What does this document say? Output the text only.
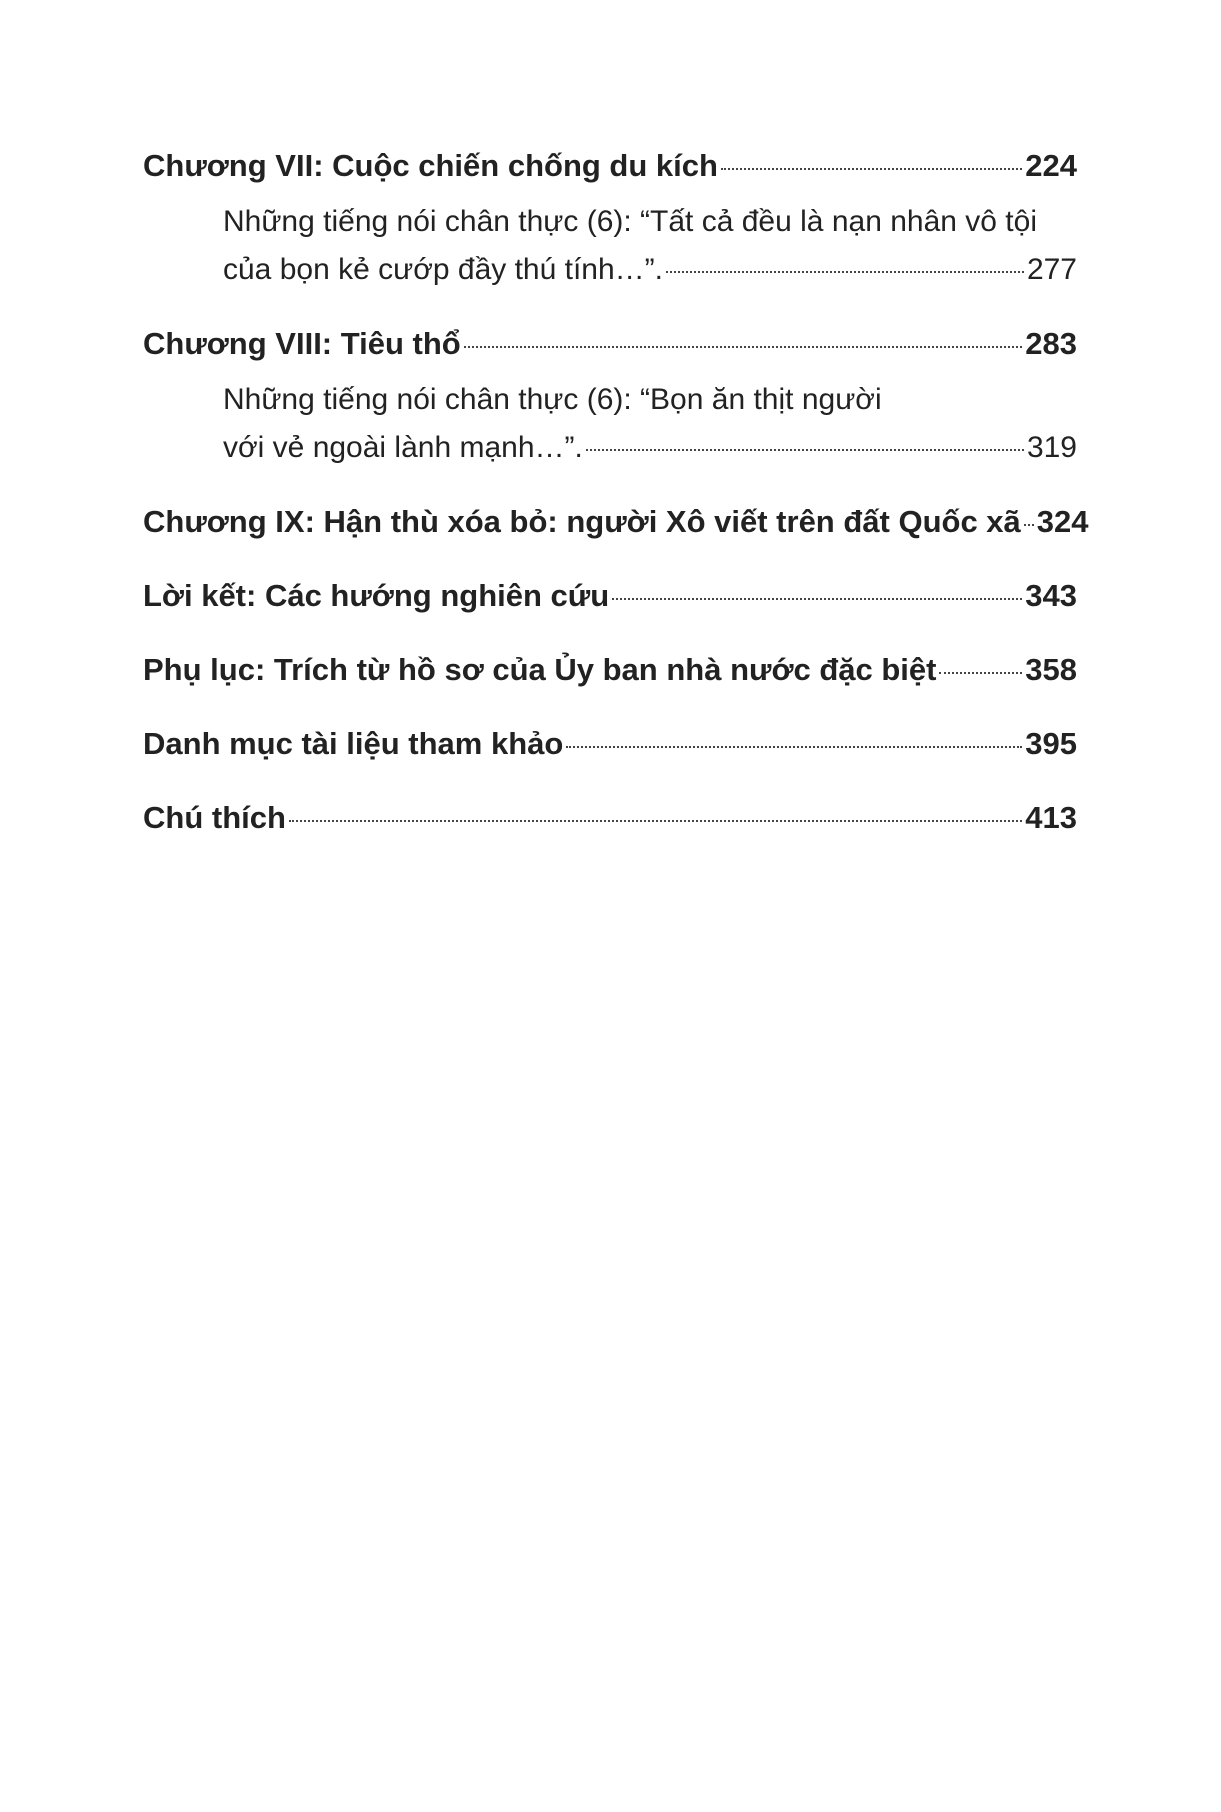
Chương VII: Cuộc chiến chống du kích	224
Những tiếng nói chân thực (6): “Tất cả đều là nạn nhân vô tội
của bọn kẻ cướp đầy thú tính…”.	277
Chương VIII: Tiêu thổ	283
Những tiếng nói chân thực (6): “Bọn ăn thịt người
với vẻ ngoài lành mạnh…”.	319
Chương IX: Hận thù xóa bỏ: người Xô viết trên đất Quốc xã 324
Lời kết: Các hướng nghiên cứu	343
Phụ lục: Trích từ hồ sơ của Ủy ban nhà nước đặc biệt	358
Danh mục tài liệu tham khảo	395
Chú thích	413
